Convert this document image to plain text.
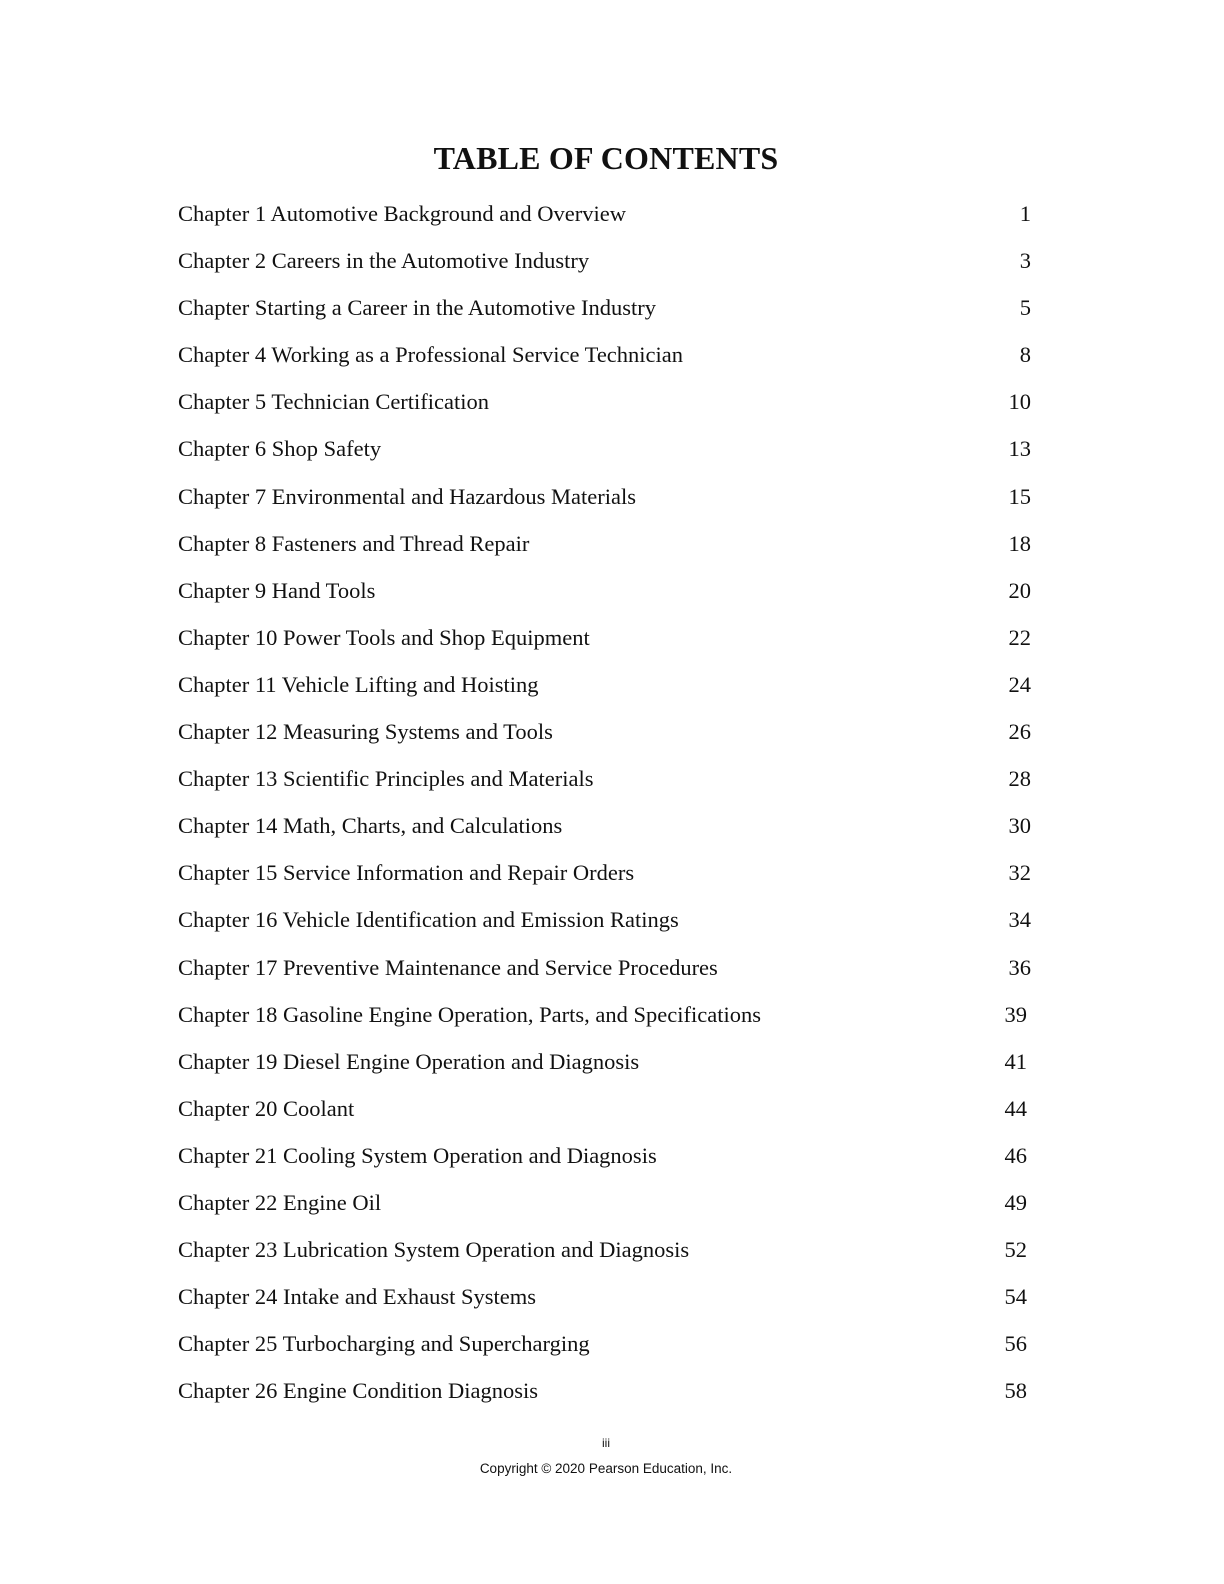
TABLE OF CONTENTS
Chapter 1 Automotive Background and Overview	1
Chapter 2 Careers in the Automotive Industry	3
Chapter Starting a Career in the Automotive Industry	5
Chapter 4 Working as a Professional Service Technician	8
Chapter 5 Technician Certification	10
Chapter 6 Shop Safety	13
Chapter 7 Environmental and Hazardous Materials	15
Chapter 8 Fasteners and Thread Repair	18
Chapter 9 Hand Tools	20
Chapter 10 Power Tools and Shop Equipment	22
Chapter 11 Vehicle Lifting and Hoisting	24
Chapter 12 Measuring Systems and Tools	26
Chapter 13 Scientific Principles and Materials	28
Chapter 14 Math, Charts, and Calculations	30
Chapter 15 Service Information and Repair Orders	32
Chapter 16 Vehicle Identification and Emission Ratings	34
Chapter 17 Preventive Maintenance and Service Procedures	36
Chapter 18 Gasoline Engine Operation, Parts, and Specifications	39
Chapter 19 Diesel Engine Operation and Diagnosis	41
Chapter 20 Coolant	44
Chapter 21 Cooling System Operation and Diagnosis	46
Chapter 22 Engine Oil	49
Chapter 23 Lubrication System Operation and Diagnosis	52
Chapter 24 Intake and Exhaust Systems	54
Chapter 25 Turbocharging and Supercharging	56
Chapter 26 Engine Condition Diagnosis	58
iii
Copyright © 2020 Pearson Education, Inc.
